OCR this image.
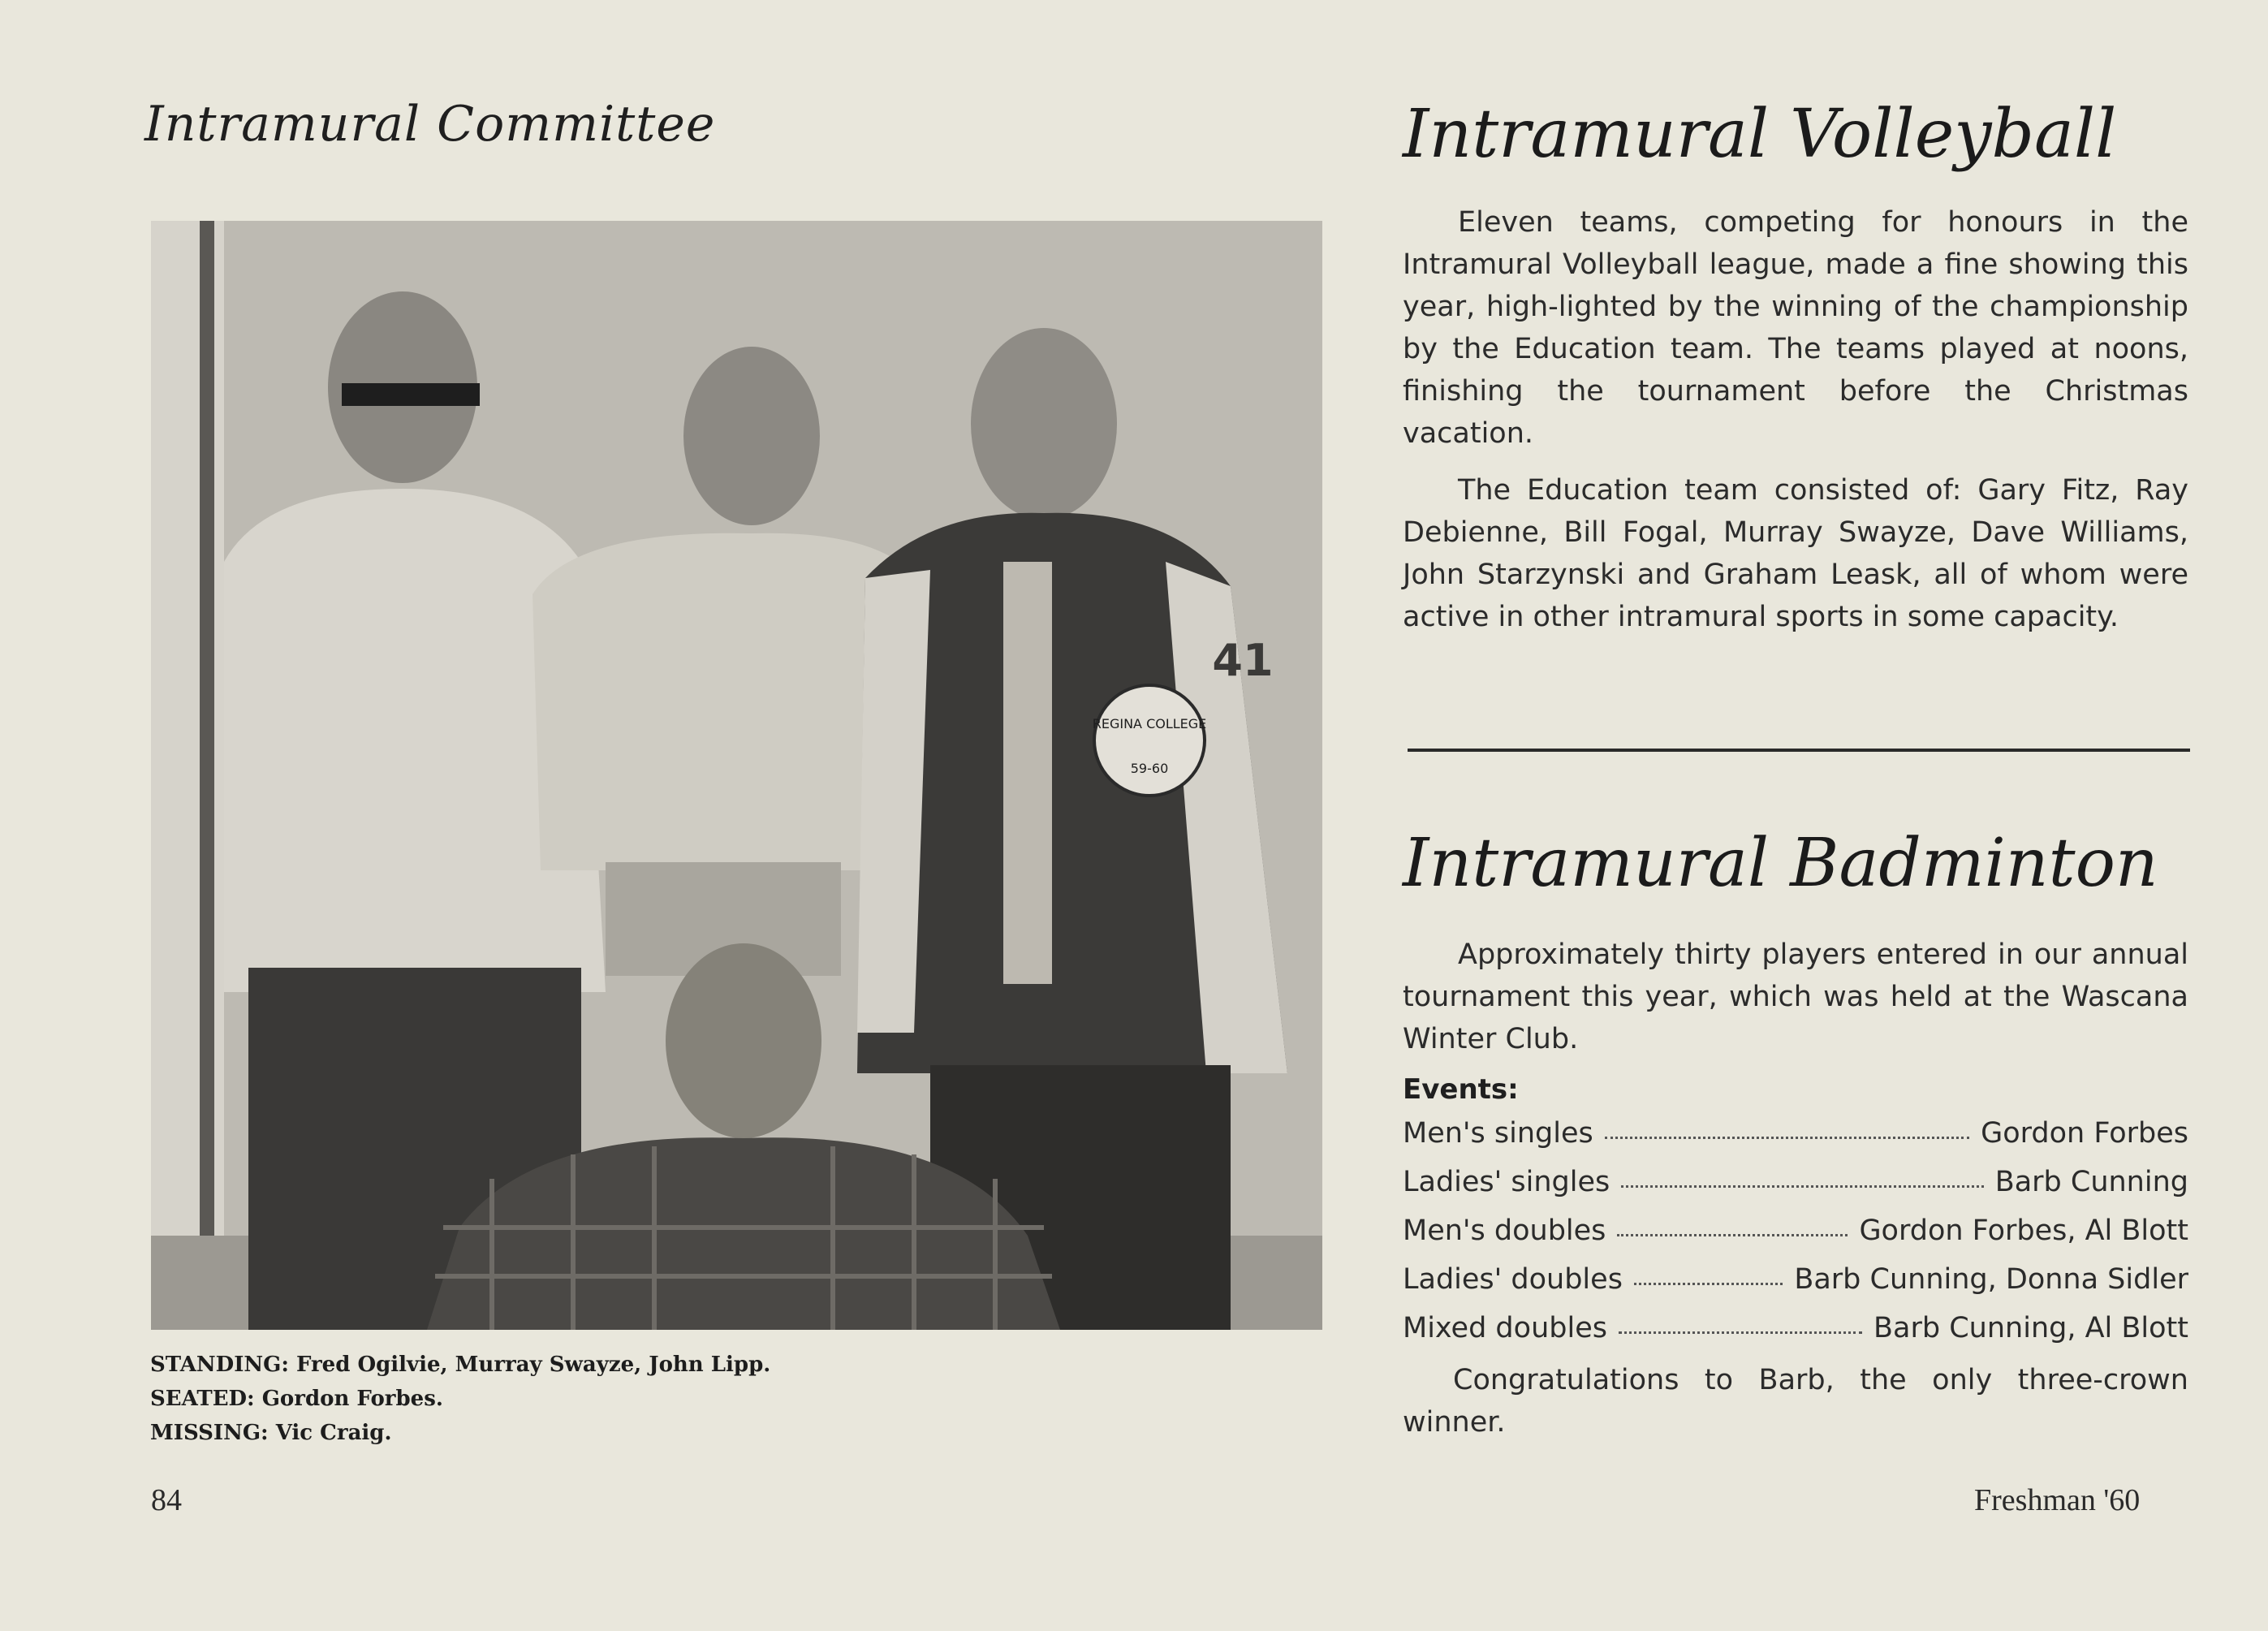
Intramural Committee
REGINA COLLEGE
59-60
41
STANDING: Fred Ogilvie, Murray Swayze, John Lipp.
SEATED: Gordon Forbes.
MISSING: Vic Craig.
84
Intramural Volleyball

Eleven teams, competing for honours in the Intramural Volleyball league, made a fine showing this year, high-lighted by the winning of the championship by the Education team. The teams played at noons, finishing the tournament before the Christmas vacation.

The Education team consisted of: Gary Fitz, Ray Debienne, Bill Fogal, Murray Swayze, Dave Williams, John Starzynski and Graham Leask, all of whom were active in other intramural sports in some capacity.

Intramural Badminton

Approximately thirty players entered in our annual tournament this year, which was held at the Wascana Winter Club.

Events:
Men's singles	Gordon Forbes
Ladies' singles	Barb Cunning
Men's doubles	Gordon Forbes, Al Blott
Ladies' doubles	Barb Cunning, Donna Sidler
Mixed doubles	Barb Cunning, Al Blott

Congratulations to Barb, the only three-crown winner.

Freshman '60
